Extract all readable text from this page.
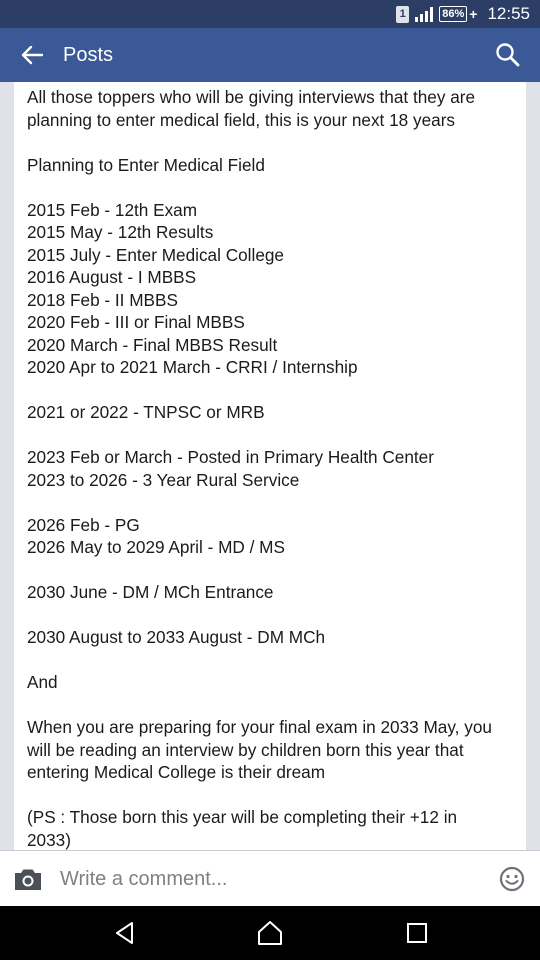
1	86% + 12:55
Posts
All those toppers who will be giving interviews that they are
planning to enter medical field, this is your next 18 years
Planning to Enter Medical Field
2015 Feb - 12th Exam
2015 May - 12th Results
2015 July - Enter Medical College
2016 August - I MBBS
2018 Feb - II MBBS
2020 Feb - III or Final MBBS
2020 March - Final MBBS Result
2020 Apr to 2021 March - CRRI / Internship
2021 or 2022 - TNPSC or MRB
2023 Feb or March - Posted in Primary Health Center
2023 to 2026 - 3 Year Rural Service
2026 Feb - PG
2026 May to 2029 April - MD / MS
2030 June - DM / MCh Entrance
2030 August to 2033 August - DM MCh
And
When you are preparing for your final exam in 2033 May, you
will be reading an interview by children born this year that
entering Medical College is their dream
(PS : Those born this year will be completing their +12 in
2033)
Write a comment...
